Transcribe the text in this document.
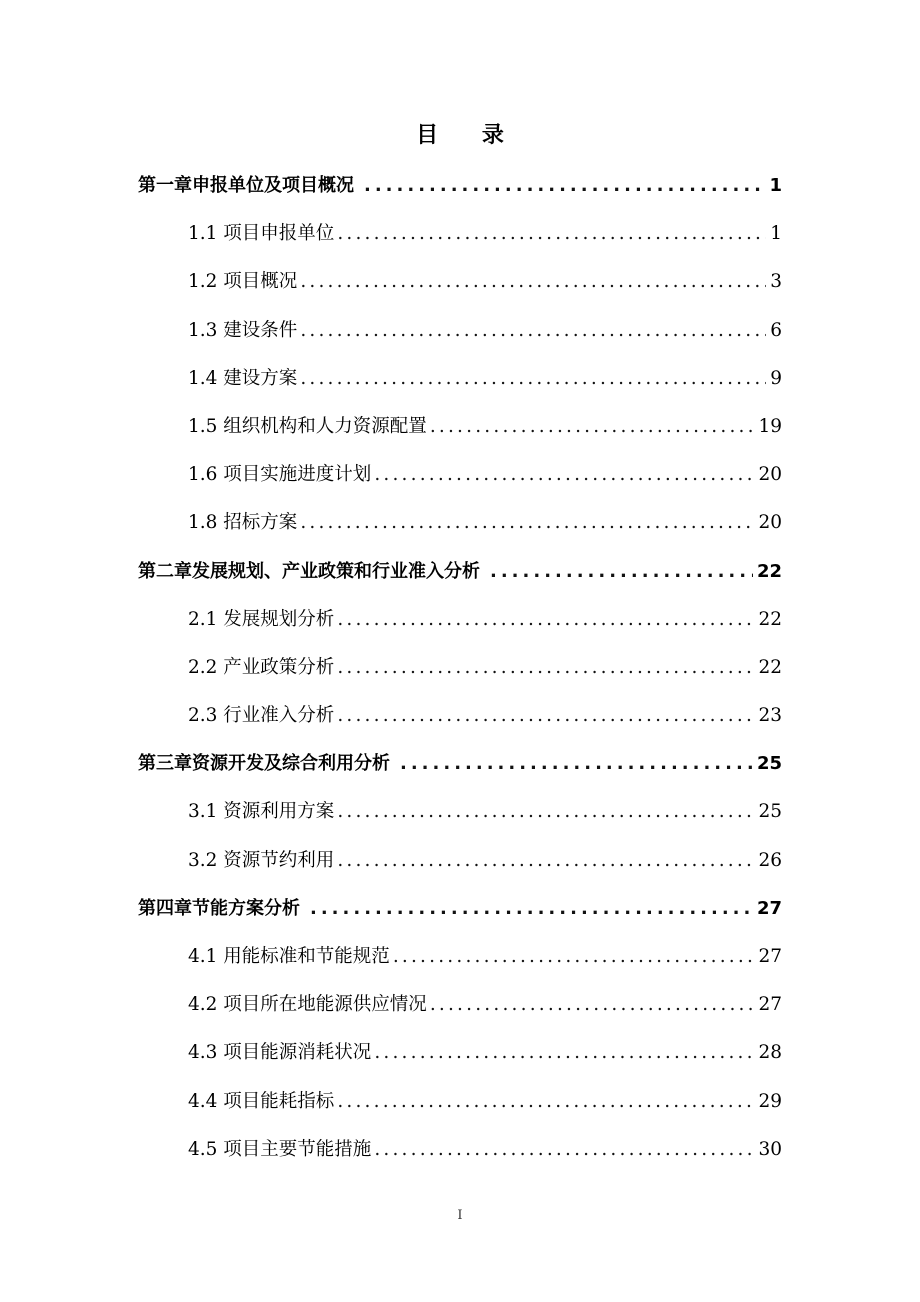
目 录
第一章 申报单位及项目概况 .....	1
1.1 项目申报单位 .....	1
1.2 项目概况 .....	3
1.3 建设条件 .....	6
1.4 建设方案 .....	9
1.5 组织机构和人力资源配置 .....	19
1.6 项目实施进度计划 .....	20
1.8 招标方案 .....	20
第二章 发展规划、产业政策和行业准入分析 .....	22
2.1 发展规划分析 .....	22
2.2 产业政策分析 .....	22
2.3 行业准入分析 .....	23
第三章 资源开发及综合利用分析 .....	25
3.1 资源利用方案 .....	25
3.2 资源节约利用 .....	26
第四章 节能方案分析 .....	27
4.1 用能标准和节能规范 .....	27
4.2 项目所在地能源供应情况 .....	27
4.3 项目能源消耗状况 .....	28
4.4 项目能耗指标 .....	29
4.5 项目主要节能措施 .....	30
I
